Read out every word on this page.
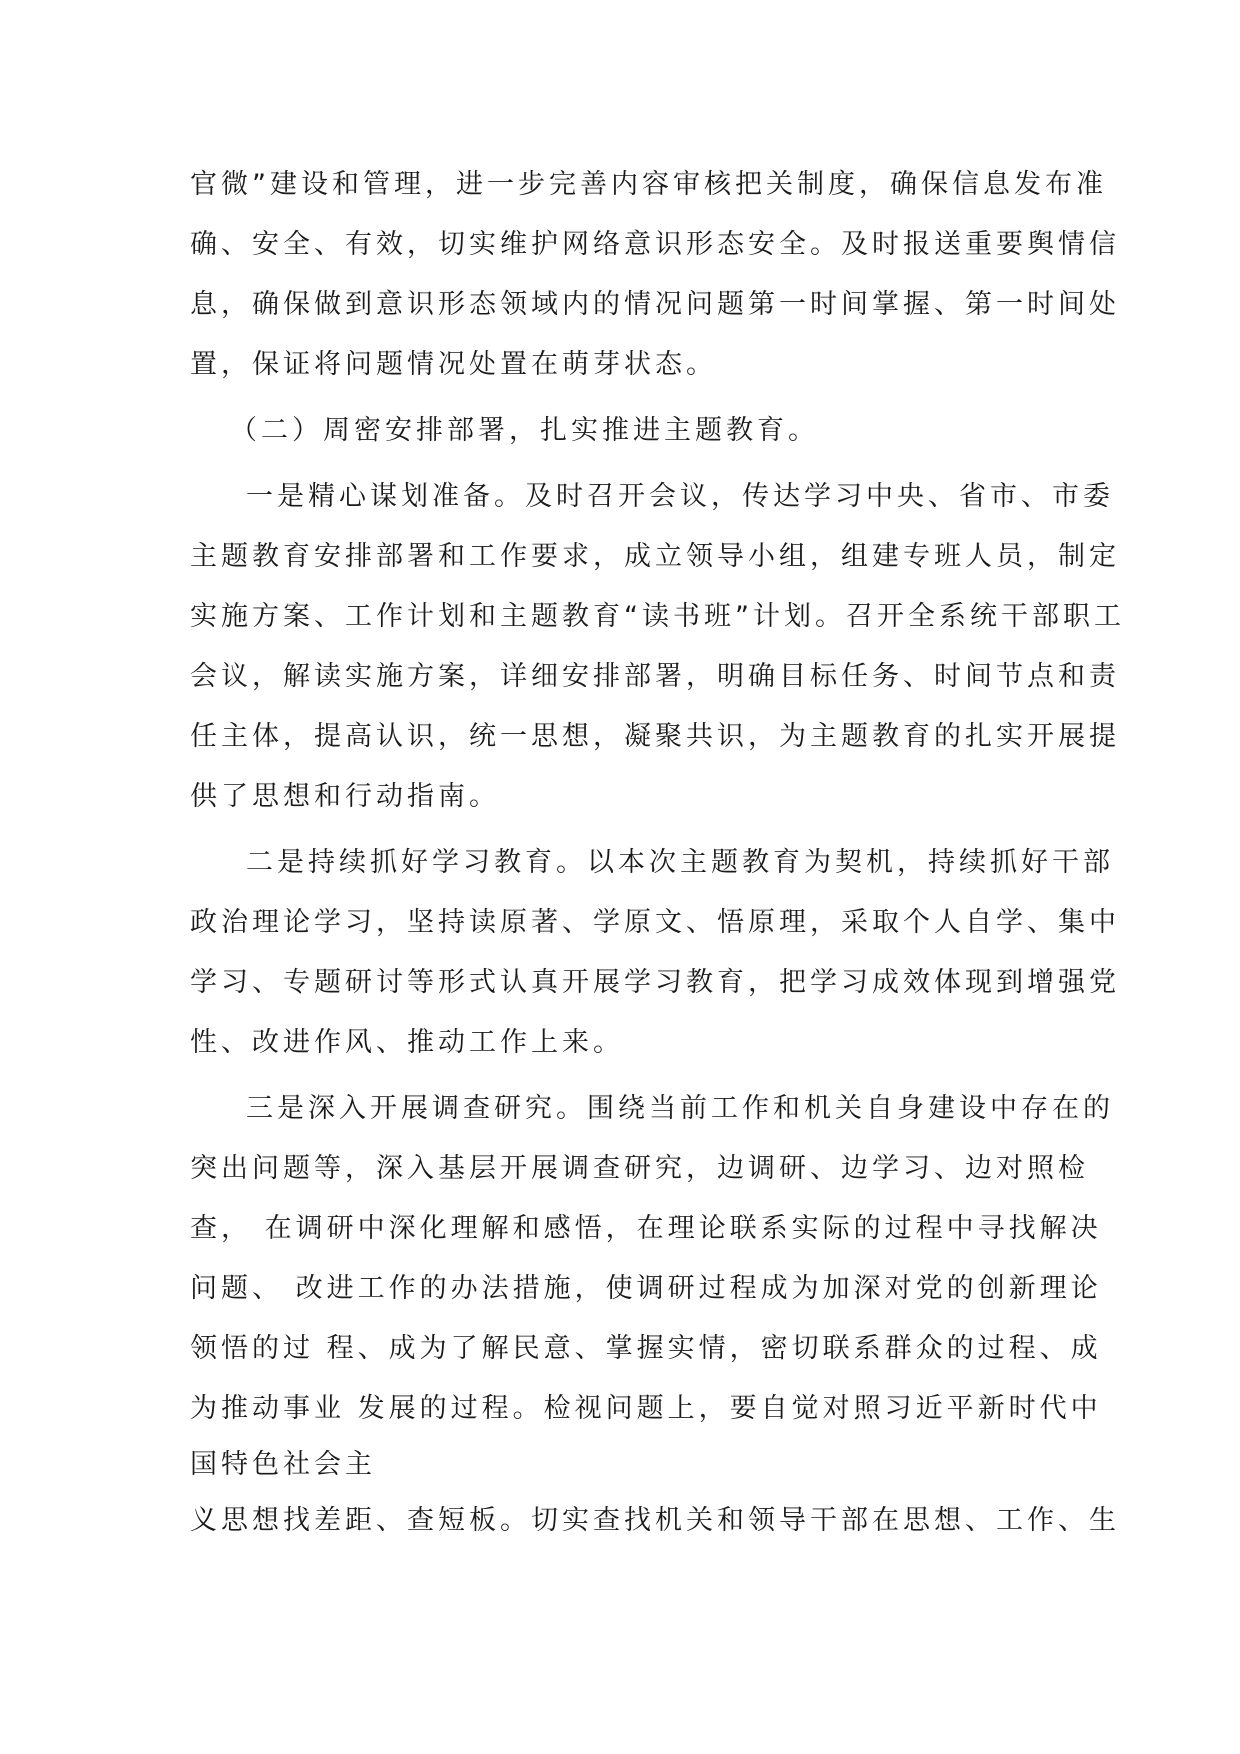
官微”建设和管理，进一步完善内容审核把关制度，确保信息发布准
确、安全、有效，切实维护网络意识形态安全。及时报送重要舆情信
息，确保做到意识形态领域内的情况问题第一时间掌握、第一时间处
置，保证将问题情况处置在萌芽状态。
（二）周密安排部署，扎实推进主题教育。
一是精心谋划准备。及时召开会议，传达学习中央、省市、市委
主题教育安排部署和工作要求，成立领导小组，组建专班人员，制定
实施方案、工作计划和主题教育“读书班”计划。召开全系统干部职工
会议，解读实施方案，详细安排部署，明确目标任务、时间节点和责
任主体，提高认识，统一思想，凝聚共识，为主题教育的扎实开展提
供了思想和行动指南。
二是持续抓好学习教育。以本次主题教育为契机，持续抓好干部
政治理论学习，坚持读原著、学原文、悟原理，采取个人自学、集中
学习、专题研讨等形式认真开展学习教育，把学习成效体现到增强党
性、改进作风、推动工作上来。
三是深入开展调查研究。围绕当前工作和机关自身建设中存在的
突出问题等，深入基层开展调查研究，边调研、边学习、边对照检
查， 在调研中深化理解和感悟，在理论联系实际的过程中寻找解决
问题、 改进工作的办法措施，使调研过程成为加深对党的创新理论
领悟的过 程、成为了解民意、掌握实情，密切联系群众的过程、成
为推动事业 发展的过程。检视问题上，要自觉对照习近平新时代中
国特色社会主
义思想找差距、查短板。切实查找机关和领导干部在思想、工作、生
